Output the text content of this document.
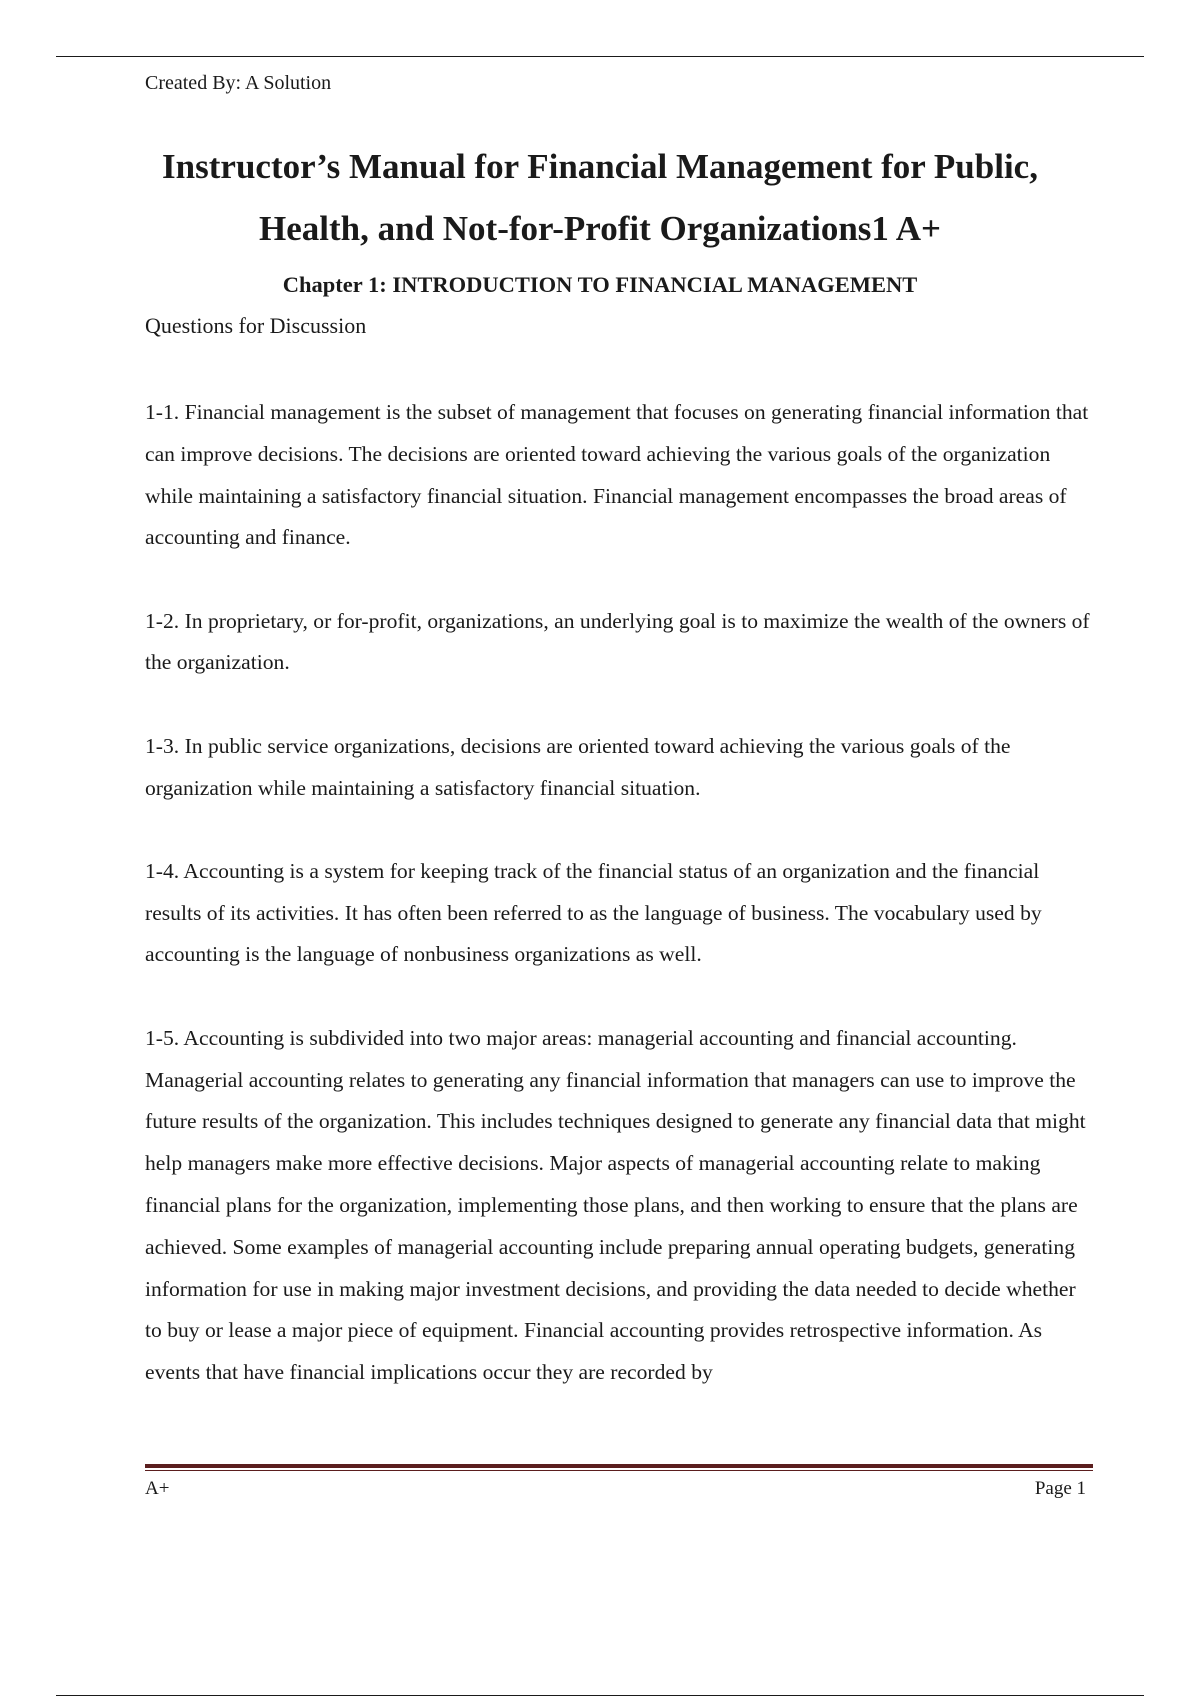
Created By: A Solution
Instructor’s Manual for Financial Management for Public, Health, and Not-for-Profit Organizations1 A+
Chapter 1: INTRODUCTION TO FINANCIAL MANAGEMENT
Questions for Discussion

1-1. Financial management is the subset of management that focuses on generating financial information that can improve decisions. The decisions are oriented toward achieving the various goals of the organization while maintaining a satisfactory financial situation. Financial management encompasses the broad areas of accounting and finance.

1-2. In proprietary, or for-profit, organizations, an underlying goal is to maximize the wealth of the owners of the organization.

1-3. In public service organizations, decisions are oriented toward achieving the various goals of the organization while maintaining a satisfactory financial situation.

1-4. Accounting is a system for keeping track of the financial status of an organization and the financial results of its activities. It has often been referred to as the language of business. The vocabulary used by accounting is the language of nonbusiness organizations as well.

1-5. Accounting is subdivided into two major areas: managerial accounting and financial accounting. Managerial accounting relates to generating any financial information that managers can use to improve the future results of the organization. This includes techniques designed to generate any financial data that might help managers make more effective decisions. Major aspects of managerial accounting relate to making financial plans for the organization, implementing those plans, and then working to ensure that the plans are achieved. Some examples of managerial accounting include preparing annual operating budgets, generating information for use in making major investment decisions, and providing the data needed to decide whether to buy or lease a major piece of equipment. Financial accounting provides retrospective information. As events that have financial implications occur they are recorded by

A+	Page 1
